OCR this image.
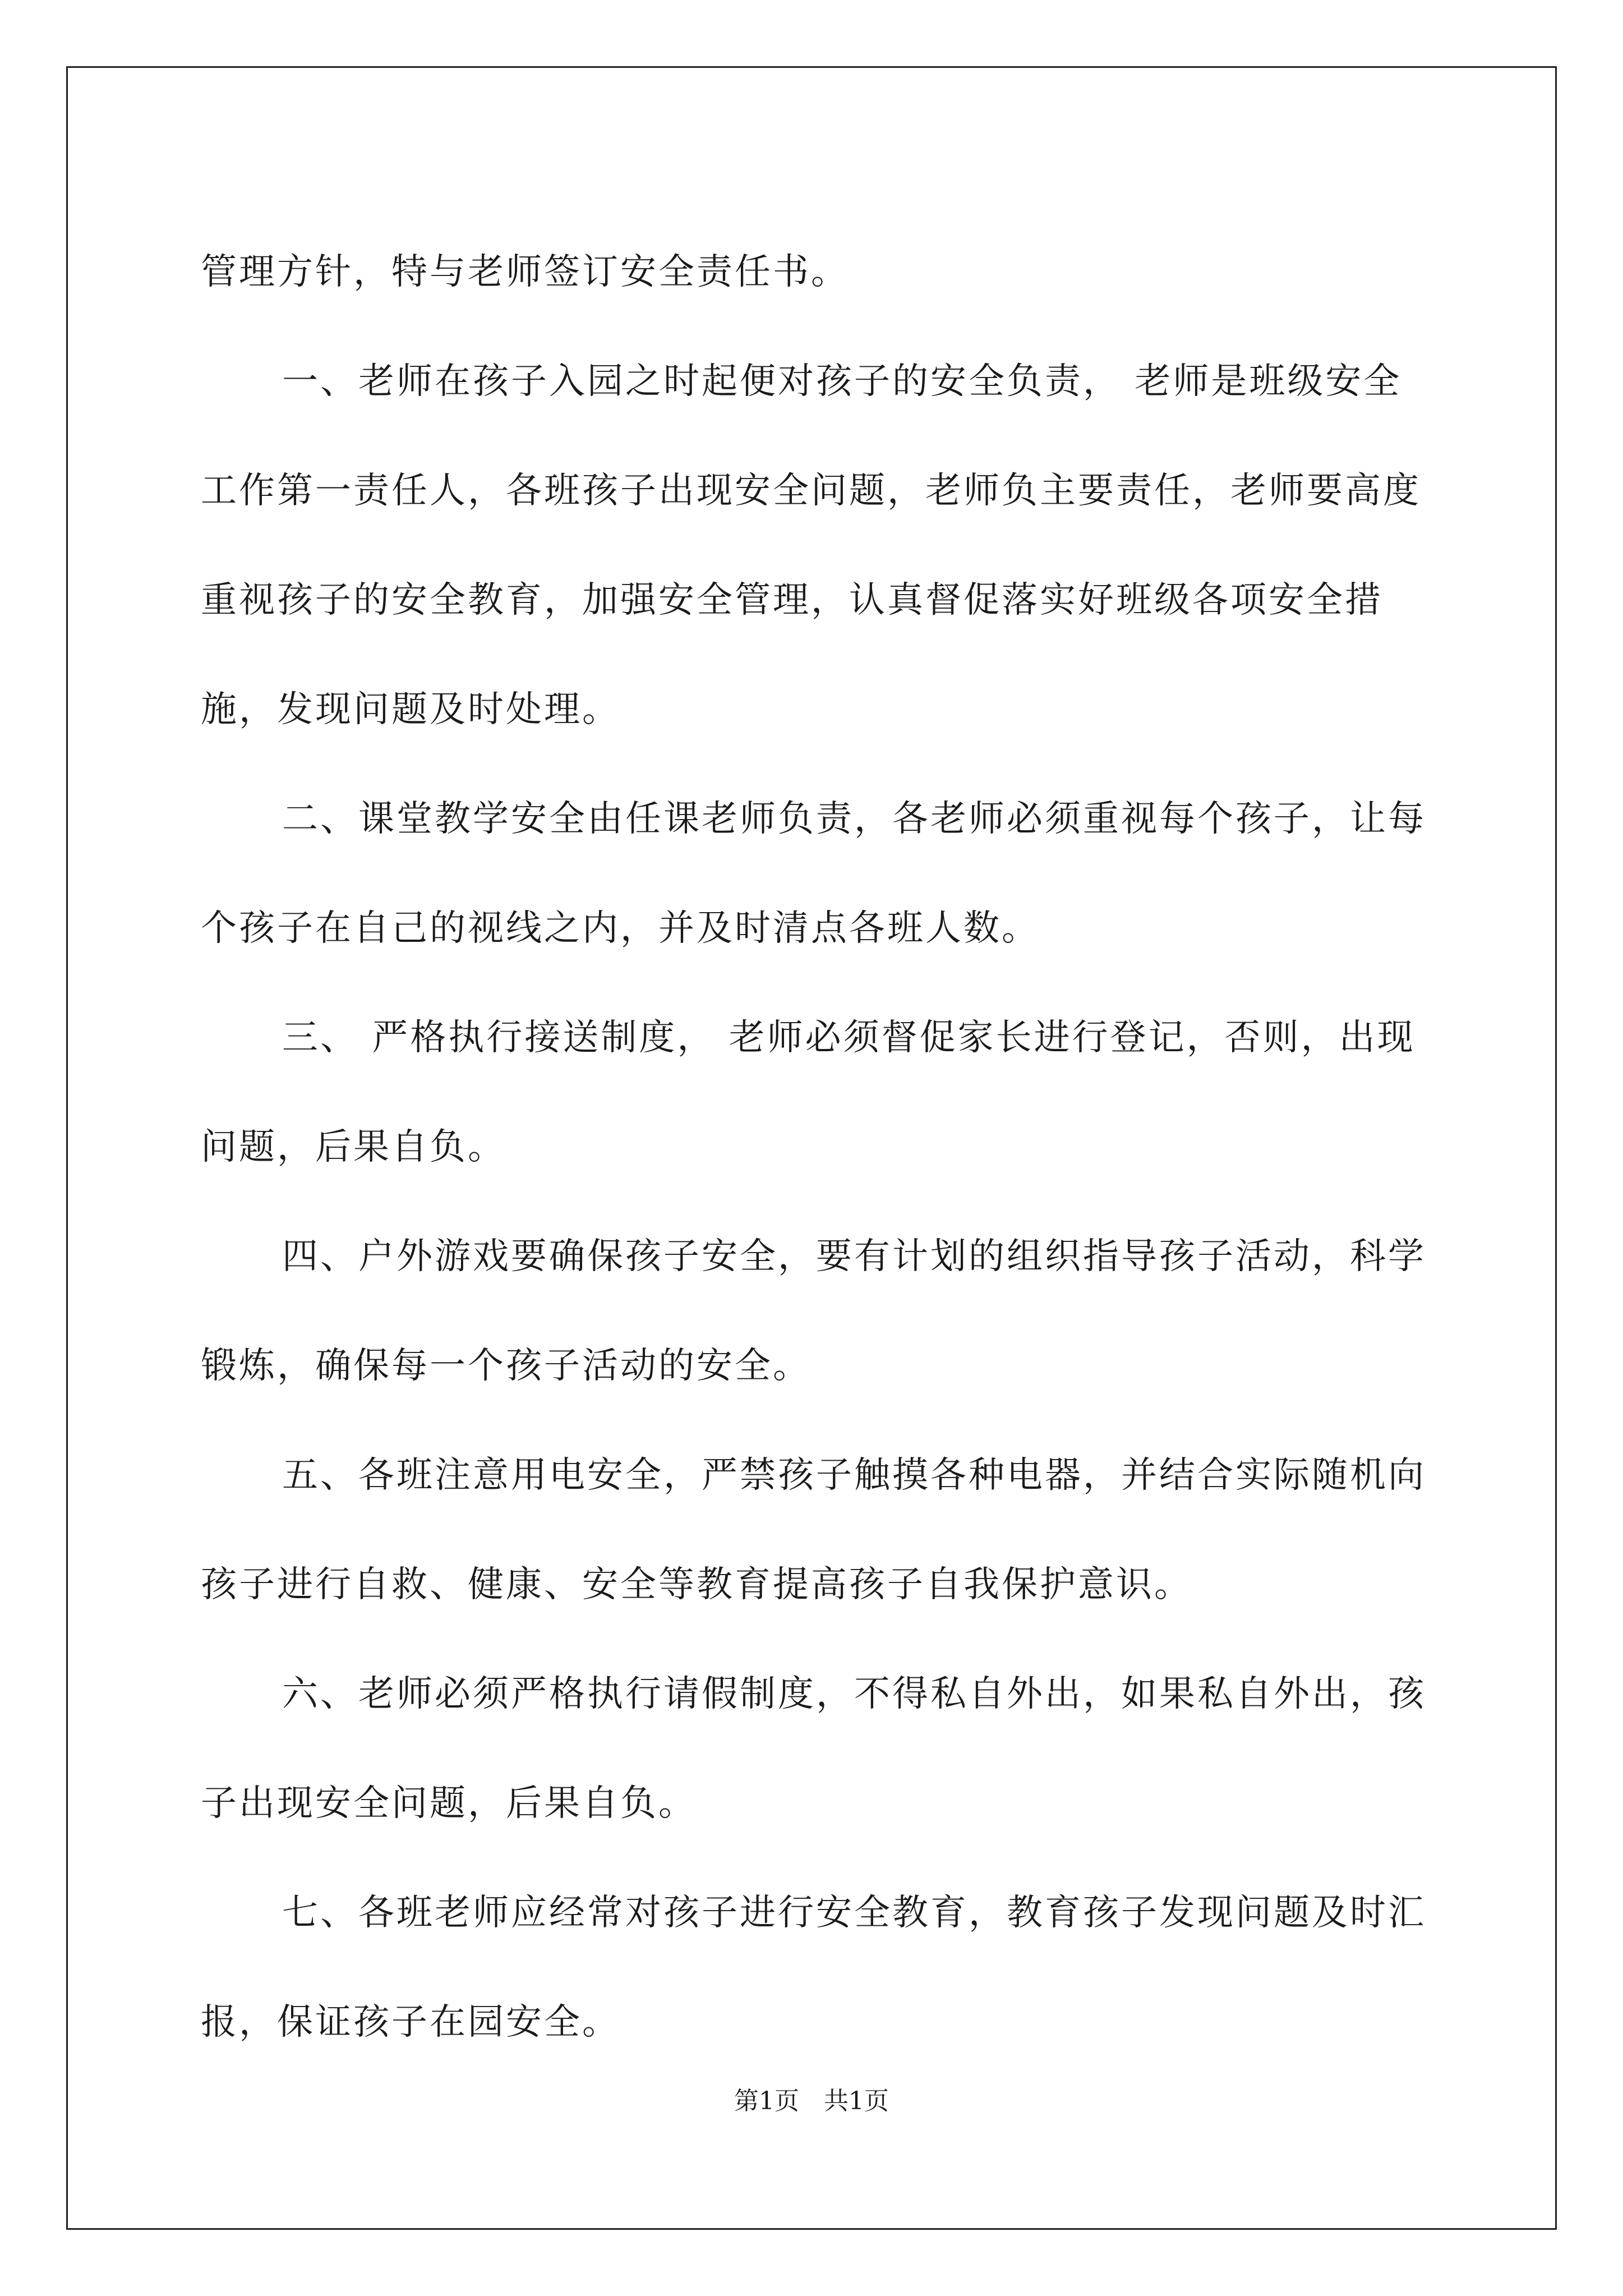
管理方针，特与老师签订安全责任书。

一、老师在孩子入园之时起便对孩子的安全负责， 老师是班级安全工作第一责任人，各班孩子出现安全问题，老师负主要责任，老师要高度重视孩子的安全教育，加强安全管理，认真督促落实好班级各项安全措施，发现问题及时处理。

二、课堂教学安全由任课老师负责，各老师必须重视每个孩子，让每个孩子在自己的视线之内，并及时清点各班人数。

三、 严格执行接送制度， 老师必须督促家长进行登记，否则，出现问题，后果自负。

四、户外游戏要确保孩子安全，要有计划的组织指导孩子活动，科学锻炼，确保每一个孩子活动的安全。

五、各班注意用电安全，严禁孩子触摸各种电器，并结合实际随机向孩子进行自救、健康、安全等教育提高孩子自我保护意识。

六、老师必须严格执行请假制度，不得私自外出，如果私自外出，孩子出现安全问题，后果自负。

七、各班老师应经常对孩子进行安全教育，教育孩子发现问题及时汇报，保证孩子在园安全。

第1页　共1页
